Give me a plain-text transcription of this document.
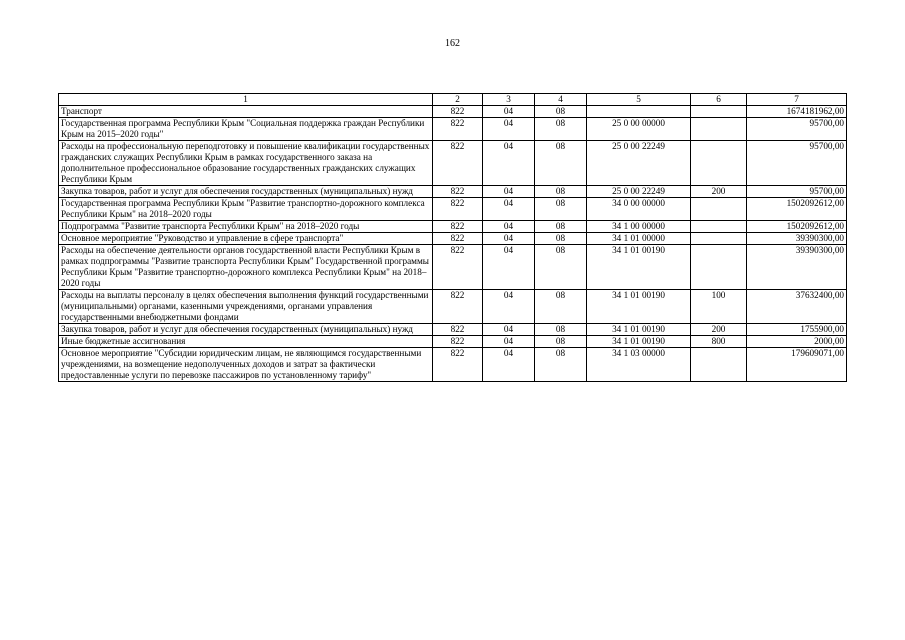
162
1	2	3	4	5	6	7
Транспорт	822	04	08			1674181962,00
Государственная программа Республики Крым "Социальная поддержка граждан Республики Крым на 2015–2020 годы"	822	04	08	25 0 00 00000		95700,00
Расходы на профессиональную переподготовку и повышение квалификации государственных гражданских служащих Республики Крым в рамках государственного заказа на дополнительное профессиональное образование государственных гражданских служащих Республики Крым	822	04	08	25 0 00 22249		95700,00
Закупка товаров, работ и услуг для обеспечения государственных (муниципальных) нужд	822	04	08	25 0 00 22249	200	95700,00
Государственная программа Республики Крым "Развитие транспортно-дорожного комплекса Республики Крым" на 2018–2020 годы	822	04	08	34 0 00 00000		1502092612,00
Подпрограмма "Развитие транспорта Республики Крым" на 2018–2020 годы	822	04	08	34 1 00 00000		1502092612,00
Основное мероприятие "Руководство и управление в сфере транспорта"	822	04	08	34 1 01 00000		39390300,00
Расходы на обеспечение деятельности органов государственной власти Республики Крым в рамках подпрограммы "Развитие транспорта Республики Крым" Государственной программы Республики Крым "Развитие транспортно-дорожного комплекса Республики Крым" на 2018–2020 годы	822	04	08	34 1 01 00190		39390300,00
Расходы на выплаты персоналу в целях обеспечения выполнения функций государственными (муниципальными) органами, казенными учреждениями, органами управления государственными внебюджетными фондами	822	04	08	34 1 01 00190	100	37632400,00
Закупка товаров, работ и услуг для обеспечения государственных (муниципальных) нужд	822	04	08	34 1 01 00190	200	1755900,00
Иные бюджетные ассигнования	822	04	08	34 1 01 00190	800	2000,00
Основное мероприятие "Субсидии юридическим лицам, не являющимся государственными учреждениями, на возмещение недополученных доходов и затрат за фактически предоставленные услуги по перевозке пассажиров по установленному тарифу"	822	04	08	34 1 03 00000		179609071,00
